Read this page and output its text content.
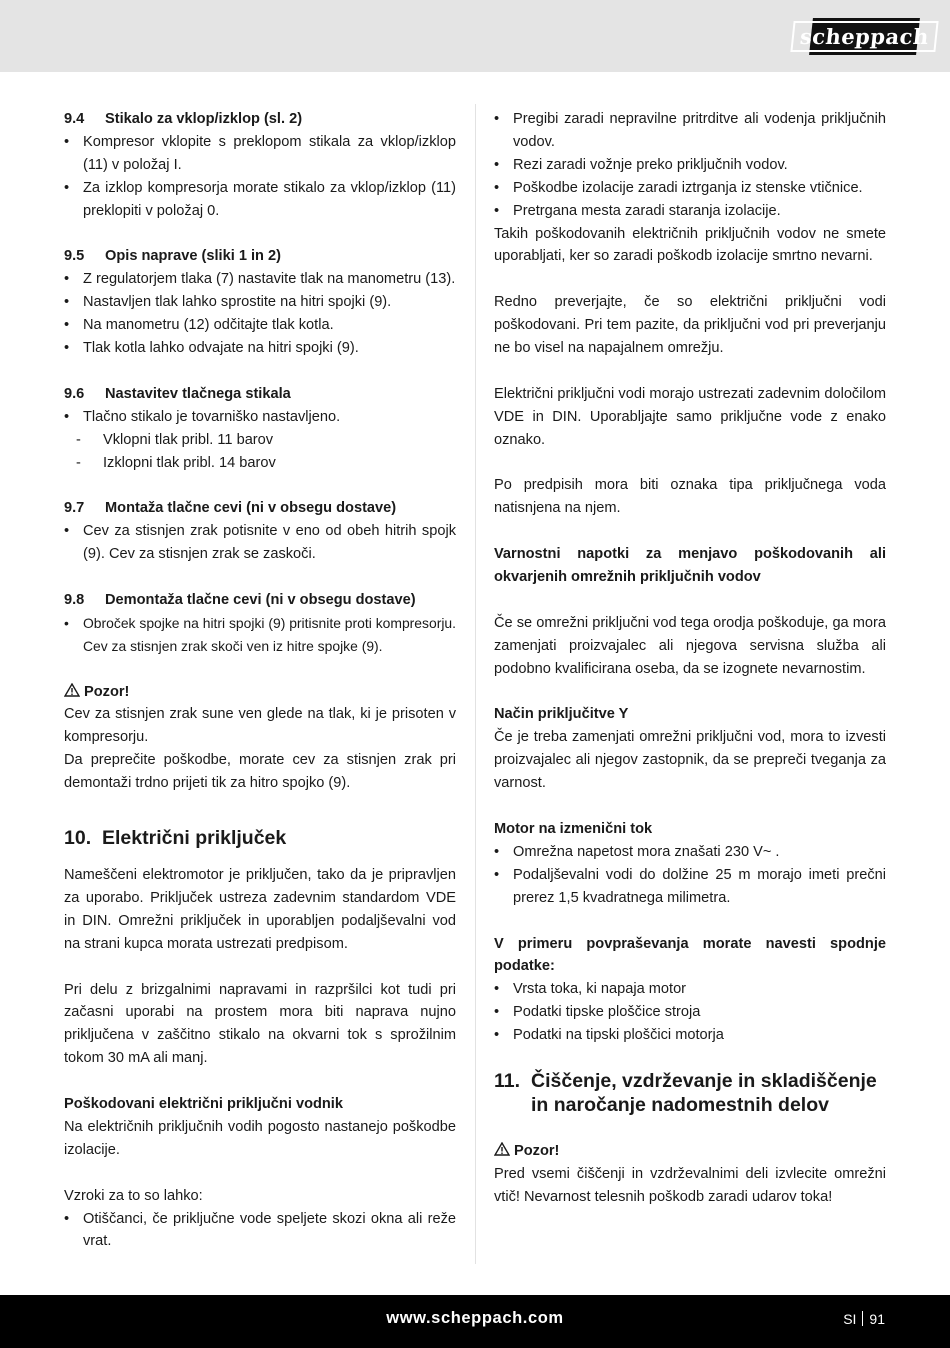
scheppach

9.4 Stikalo za vklop/izklop (sl. 2)

• Kompresor vklopite s preklopom stikala za vklop/izklop (11) v položaj I.

• Za izklop kompresorja morate stikalo za vklop/izklop (11) preklopiti v položaj 0.

9.5 Opis naprave (sliki 1 in 2)

• Z regulatorjem tlaka (7) nastavite tlak na manometru (13).

• Nastavljen tlak lahko sprostite na hitri spojki (9).

• Na manometru (12) odčitajte tlak kotla.

• Tlak kotla lahko odvajate na hitri spojki (9).

9.6 Nastavitev tlačnega stikala

• Tlačno stikalo je tovarniško nastavljeno.

- Vklopni tlak pribl. 11 barov

- Izklopni tlak pribl. 14 barov

9.7 Montaža tlačne cevi (ni v obsegu dostave)

• Cev za stisnjen zrak potisnite v eno od obeh hitrih spojk (9). Cev za stisnjen zrak se zaskoči.

9.8 Demontaža tlačne cevi (ni v obsegu dostave)

• Obroček spojke na hitri spojki (9) pritisnite proti kompresorju. Cev za stisnjen zrak skoči ven iz hitre spojke (9).

Pozor!

Cev za stisnjen zrak sune ven glede na tlak, ki je prisoten v kompresorju.

Da preprečite poškodbe, morate cev za stisnjen zrak pri demontaži trdno prijeti tik za hitro spojko (9).

10. Električni priključek

Nameščeni elektromotor je priključen, tako da je pripravljen za uporabo. Priključek ustreza zadevnim standardom VDE in DIN. Omrežni priključek in uporabljen podaljševalni vod na strani kupca morata ustrezati predpisom.

Pri delu z brizgalnimi napravami in razpršilci kot tudi pri začasni uporabi na prostem mora biti naprava nujno priključena v zaščitno stikalo na okvarni tok s sprožilnim tokom 30 mA ali manj.

Poškodovani električni priključni vodnik

Na električnih priključnih vodih pogosto nastanejo poškodbe izolacije.

Vzroki za to so lahko:

• Otiščanci, če priključne vode speljete skozi okna ali reže vrat.

• Pregibi zaradi nepravilne pritrditve ali vodenja priključnih vodov.

• Rezi zaradi vožnje preko priključnih vodov.

• Poškodbe izolacije zaradi iztrganja iz stenske vtičnice.

• Pretrgana mesta zaradi staranja izolacije.

Takih poškodovanih električnih priključnih vodov ne smete uporabljati, ker so zaradi poškodb izolacije smrtno nevarni.

Redno preverjajte, če so električni priključni vodi poškodovani. Pri tem pazite, da priključni vod pri preverjanju ne bo visel na napajalnem omrežju.

Električni priključni vodi morajo ustrezati zadevnim določilom VDE in DIN. Uporabljajte samo priključne vode z enako oznako.

Po predpisih mora biti oznaka tipa priključnega voda natisnjena na njem.

Varnostni napotki za menjavo poškodovanih ali okvarjenih omrežnih priključnih vodov

Če se omrežni priključni vod tega orodja poškoduje, ga mora zamenjati proizvajalec ali njegova servisna služba ali podobno kvalificirana oseba, da se izognete nevarnostim.

Način priključitve Y

Če je treba zamenjati omrežni priključni vod, mora to izvesti proizvajalec ali njegov zastopnik, da se prepreči tveganja za varnost.

Motor na izmenični tok

• Omrežna napetost mora znašati 230 V~ .

• Podaljševalni vodi do dolžine 25 m morajo imeti prečni prerez 1,5 kvadratnega milimetra.

V primeru povpraševanja morate navesti spodnje podatke:

• Vrsta toka, ki napaja motor

• Podatki tipske ploščice stroja

• Podatki na tipski ploščici motorja

11. Čiščenje, vzdrževanje in skladiščenje in naročanje nadomestnih delov

Pozor!

Pred vsemi čiščenji in vzdrževalnimi deli izvlecite omrežni vtič! Nevarnost telesnih poškodb zaradi udarov toka!

www.scheppach.com	SI 91
